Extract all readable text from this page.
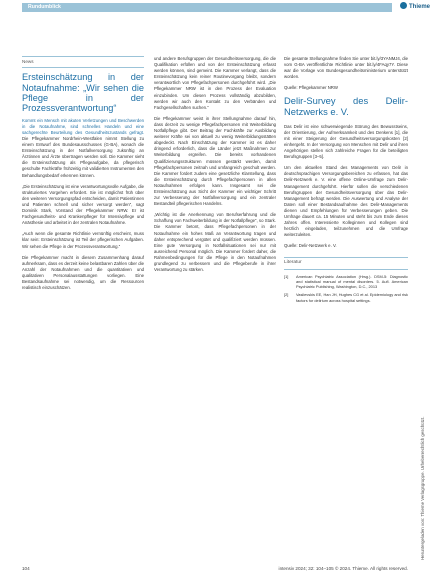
Rundumblick	Thieme
News
Ersteinschätzung in der Notaufnahme: „Wir sehen die Pflege in der Prozessverantwortung“

Kommt ein Mensch mit akuten Verletzungen und Beschwerden in die Notaufnahme, sind schnelles Handeln und eine sachgerechte Beurteilung des Gesundheitszustands gefragt. Die Pflegekammer Nordrhein-Westfalen nimmt Stellung zu einem Entwurf des Bundesausschusses (G-BA), wonach die Ersteinschätzung in der Notfallversorgung zukünftig an Ärztinnen und Ärzte übertragen werden soll. Die Kammer sieht die Ersteinschätzung als Pflegeaufgabe, da pflegerisch geschulte Fachkräfte frühzeitig mit validierten Instrumenten den Behandlungsbedarf erkennen können.

„Die Ersteinschätzung ist eine verantwortungsvolle Aufgabe, die strukturiertes Vorgehen erfordert. Sie ist möglichst früh über den weiteren Versorgungspfad entscheiden, damit Patientinnen und Patienten schnell und sicher versorgt werden“, sagt Dominik Stark, Vorstand der Pflegekammer NRW. Er ist Fachgesundheits- und Krankenpfleger für Intensivpflege und Anästhesie und arbeitet in der zentralen Notaufnahme.

„Auch wenn die gesamte Richtlinie vernünftig erscheint, muss klar sein: Ersteinschätzung ist Teil der pflegerischen Aufgaben. Wir sehen die Pflege in der Prozessverantwortung.“

Die Pflegekammer macht in diesem Zusammenhang darauf aufmerksam, dass es derzeit keine belastbaren Zahlen über die Anzahl der Notaufnahmen und die quantitativen und qualitativen Personalausstattungen vorliegen. Eine Bestandsaufnahme sei notwendig, um die Ressourcen realistisch einzuschätzen.

und andere Berufsgruppen der Gesundheitsversorgung, die die Qualifikation erfüllen und von der Ersteinschätzung erfasst werden können, sind gemeint. Die Kammer verlangt, dass die Ersteinschätzung kein reiner Routinevorgang bleibt, sondern verantwortlich von Pflegefachpersonen durchgeführt wird. „Die Pflegekammer NRW ist in den Prozess der Evaluation einzubinden. Um diesen Prozess vollständig abzubilden, werden wir auch den Kontakt zu den Verbänden und Fachgesellschaften suchen.“

Die Pflegekammer weist in ihrer Stellungnahme darauf hin, dass derzeit zu wenige Pflegefachpersonen mit Weiterbildung Notfallpflege gibt. Der Beitrag der Fachkräfte zur Ausbildung weiterer Kräfte sei von aktuell zu wenig Weiterbildungsstätten abgedeckt. Nach Einschätzung der Kammer ist es daher dringend erforderlich, dass die Länder jetzt Maßnahmen zur Weiterbildung ergreifen. Die bereits vorhandenen Qualifizierungsstrukturen müssen gestärkt werden, damit Pflegefachpersonen zeitnah und umfangreich geschult werden. Die Kammer fordert zudem eine gesetzliche Klarstellung, dass die Ersteinschätzung durch Pflegefachpersonen in allen Notaufnahmen erfolgen kann. Insgesamt sei die Ersteinschätzung aus Sicht der Kammer ein wichtiger Schritt zur Verbesserung der Notfallversorgung und ein zentraler Bestandteil pflegerischen Handelns.

„Wichtig ist die Anerkennung von Berufserfahrung und die Schaffung von Fachweiterbildung in der Notfallpflege“, so Stark. Die Kammer betont, dass Pflegefachpersonen in der Notaufnahme ein hohes Maß an Verantwortung tragen und daher entsprechend vergütet und qualifiziert werden müssen. Eine gute Versorgung in Notfallsituationen sei nur mit ausreichend Personal möglich. Die Kammer fordert daher, die Rahmenbedingungen für die Pflege in den Notaufnahmen grundlegend zu verbessern und die Pflegeberufe in ihrer Verantwortung zu stärken.

Die gesamte Stellungnahme finden Sie unter bit.ly/3YANMJ4, die vom G-BA veröffentlichte Richtlinie unter bit.ly/4FAqy7Y. Diese war die Vorlage von Bundesgesundheitsministerium unterstützt worden.

Quelle: Pflegekammer NRW

Delir-Survey des Delir-Netzwerks e. V.

Das Delir ist eine schwerwiegende Störung des Bewusstseins, der Orientierung, der Aufmerksamkeit und des Denkens [1], die mit einer Steigerung der Gesundheitsversorgungskosten [2] einhergeht. In der Versorgung von Menschen mit Delir und ihren Angehörigen stellen sich zahlreiche Fragen für die beteiligten Berufsgruppen [3–5].

Um den aktuellen Stand des Managements von Delir in deutschsprachigen Versorgungsbereichen zu erfassen, hat das Delir-Netzwerk e. V. eine offene Online-Umfrage zum Delir-Management durchgeführt. Hierfür sollen die verschiedenen Berufsgruppen der Gesundheitsversorgung über das Delir-Management befragt werden. Die Auswertung und Analyse der Daten soll einer Bestandsaufnahme des Delir-Managements dienen und Empfehlungen für Verbesserungen geben. Die Umfrage dauert ca. 15 Minuten und steht bis zum Ende dieses Jahres offen. Interessierte Kolleginnen und Kollegen sind herzlich eingeladen, teilzunehmen und die Umfrage weiterzuleiten.

Quelle: Delir-Netzwerk e. V.

Literatur
[1]	American Psychiatric Association (Hrsg.). DSM-5: Diagnostic and statistical manual of mental disorders. 5. Aufl. American Psychiatric Publishing, Washington, D.C., 2013
[2]	Vasilevskis EE, Han JH, Hughes CG et al. Epidemiology and risk factors for delirium across hospital settings.
Heruntergeladen von: Thieme Verlagsgruppe. Urheberrechtlich geschützt.
104	intensiv 2024; 32: 104–105 © 2024. Thieme. All rights reserved.
